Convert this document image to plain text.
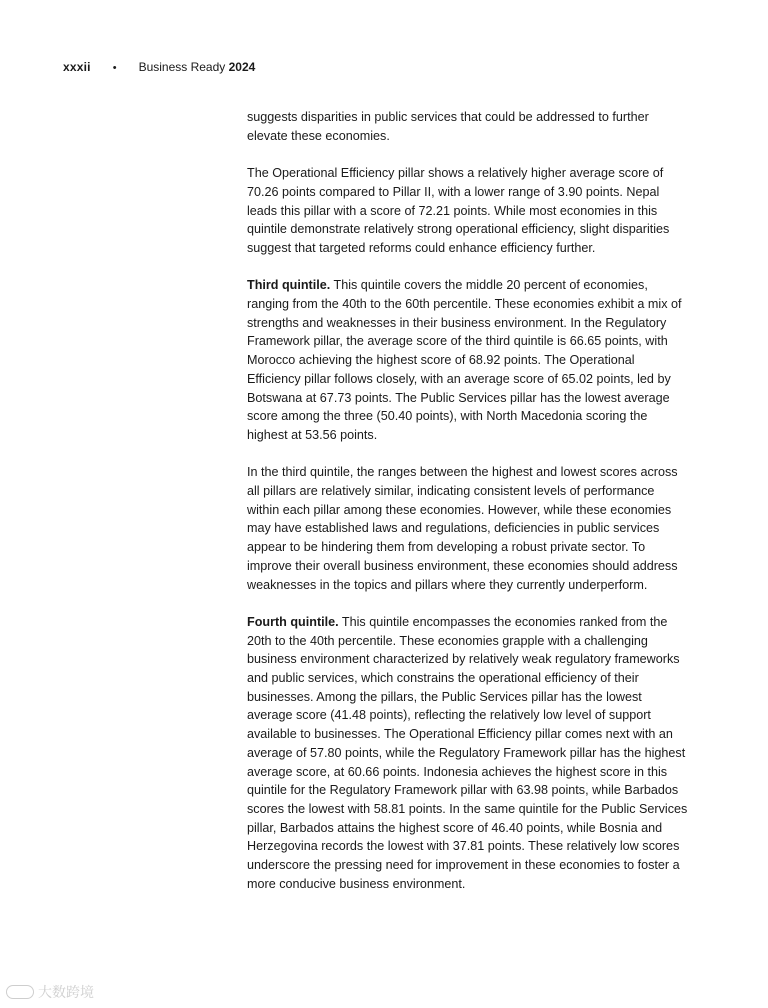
xxxii • Business Ready 2024

suggests disparities in public services that could be addressed to further elevate these economies.

The Operational Efficiency pillar shows a relatively higher average score of 70.26 points compared to Pillar II, with a lower range of 3.90 points. Nepal leads this pillar with a score of 72.21 points. While most economies in this quintile demonstrate relatively strong operational efficiency, slight disparities suggest that targeted reforms could enhance efficiency further.

Third quintile. This quintile covers the middle 20 percent of economies, ranging from the 40th to the 60th percentile. These economies exhibit a mix of strengths and weaknesses in their business environment. In the Regulatory Framework pillar, the average score of the third quintile is 66.65 points, with Morocco achieving the highest score of 68.92 points. The Operational Efficiency pillar follows closely, with an average score of 65.02 points, led by Botswana at 67.73 points. The Public Services pillar has the lowest average score among the three (50.40 points), with North Macedonia scoring the highest at 53.56 points.

In the third quintile, the ranges between the highest and lowest scores across all pillars are relatively similar, indicating consistent levels of performance within each pillar among these economies. However, while these economies may have established laws and regulations, deficiencies in public services appear to be hindering them from developing a robust private sector. To improve their overall business environment, these economies should address weaknesses in the topics and pillars where they currently underperform.

Fourth quintile. This quintile encompasses the economies ranked from the 20th to the 40th percentile. These economies grapple with a challenging business environment characterized by relatively weak regulatory frameworks and public services, which constrains the operational efficiency of their businesses. Among the pillars, the Public Services pillar has the lowest average score (41.48 points), reflecting the relatively low level of support available to businesses. The Operational Efficiency pillar comes next with an average of 57.80 points, while the Regulatory Framework pillar has the highest average score, at 60.66 points. Indonesia achieves the highest score in this quintile for the Regulatory Framework pillar with 63.98 points, while Barbados scores the lowest with 58.81 points. In the same quintile for the Public Services pillar, Barbados attains the highest score of 46.40 points, while Bosnia and Herzegovina records the lowest with 37.81 points. These relatively low scores underscore the pressing need for improvement in these economies to foster a more conducive business environment.

大数跨境
